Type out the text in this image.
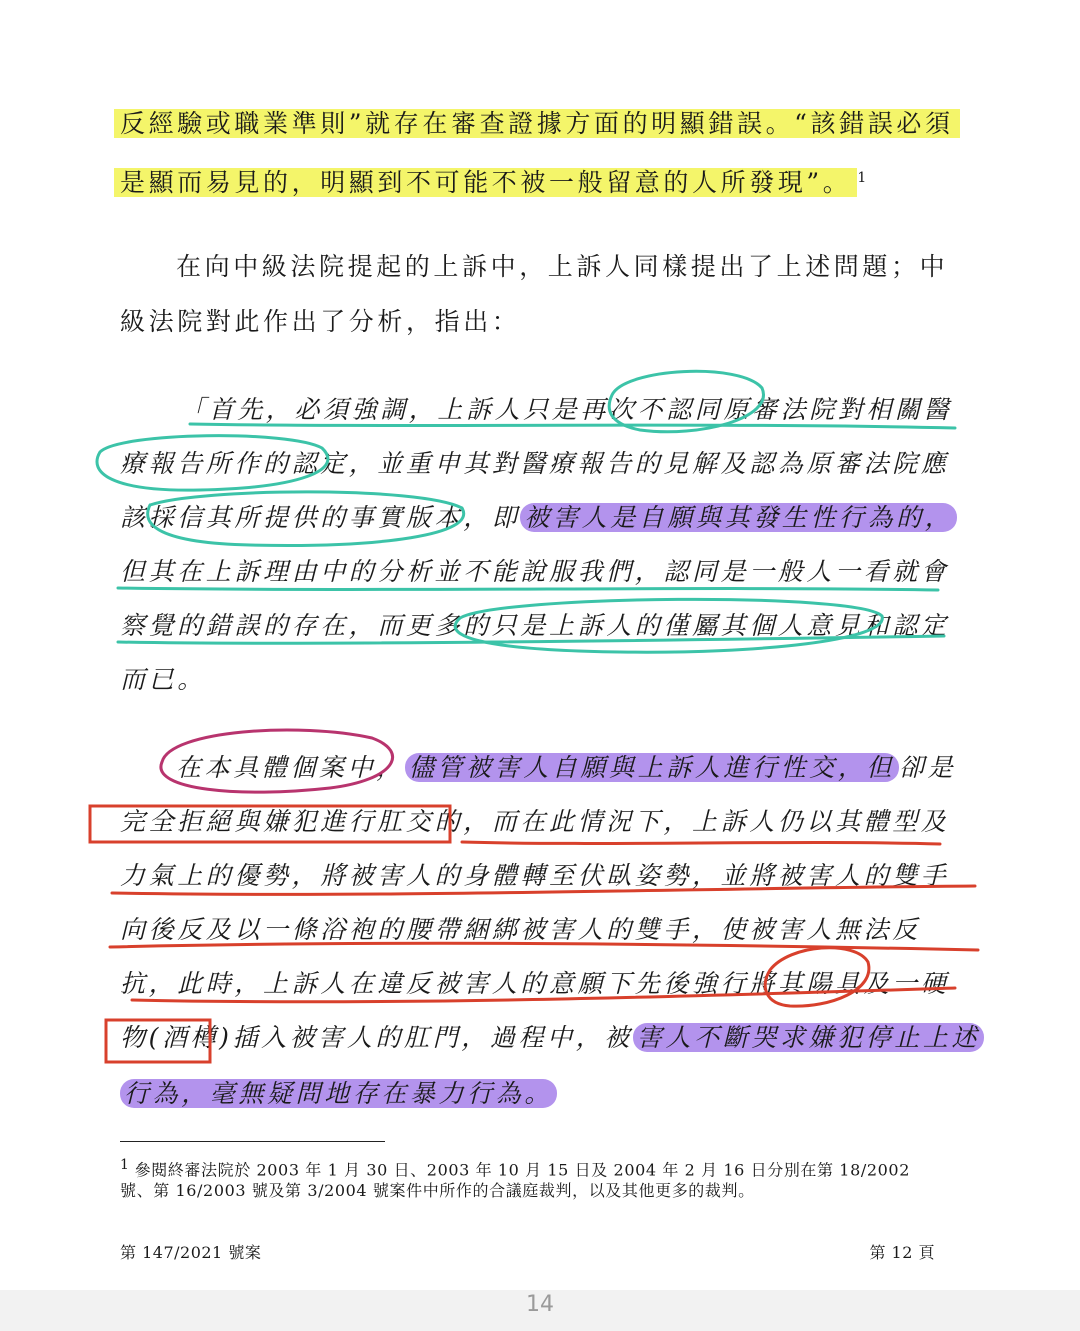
反經驗或職業準則”就存在審查證據方面的明顯錯誤。“該錯誤必須
是顯而易見的，明顯到不可能不被一般留意的人所發現”。 $^1$
在向中級法院提起的上訴中，上訴人同樣提出了上述問題；中
級法院對此作出了分析，指出：
「首先，必須強調，上訴人只是再次不認同原審法院對相關醫
療報告所作的認定，並重申其對醫療報告的見解及認為原審法院應
該採信其所提供的事實版本，即 被害人是自願與其發生性行為的，
但其在上訴理由中的分析並不能說服我們，認同是一般人一看就會
察覺的錯誤的存在，而更多的只是上訴人的僅屬其個人意見和認定
而已。
在本具體個案中， 儘管被害人自願與上訴人進行性交，但 卻是
完全拒絕與嫌犯進行肛交的，而在此情況下，上訴人仍以其體型及
力氣上的優勢，將被害人的身體轉至伏臥姿勢，並將被害人的雙手
向後反及以一條浴袍的腰帶綑綁被害人的雙手，使被害人無法反
抗，此時，上訴人在違反被害人的意願下先後強行將其陽具及一硬
物(酒樽)插入被害人的肛門，過程中，被 害人不斷哭求嫌犯停止上述
行為，毫無疑問地存在暴力行為。
1 參閱終審法院於 2003 年 1 月 30 日、2003 年 10 月 15 日及 2004 年 2 月 16 日分別在第 18/2002
號、第 16/2003 號及第 3/2004 號案件中所作的合議庭裁判，以及其他更多的裁判。
第 147/2021 號案	第 12 頁
14
